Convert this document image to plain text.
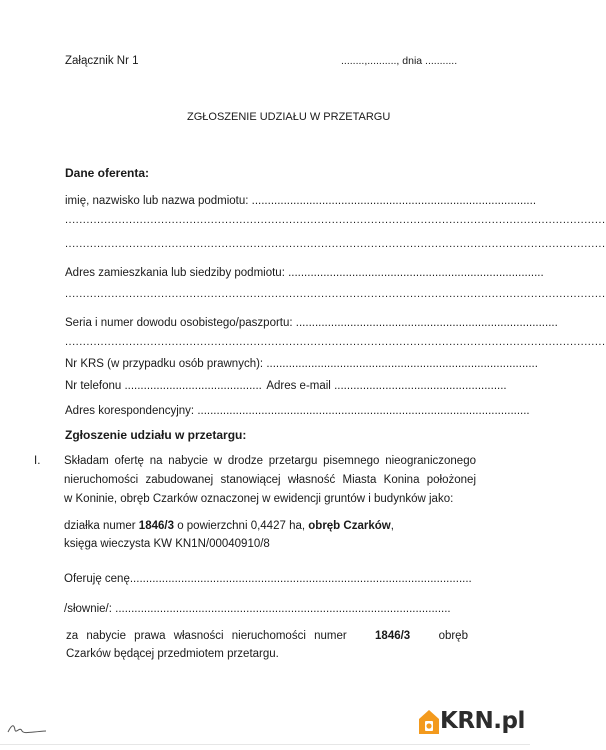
Załącznik Nr 1	........,.........., dnia ...........
ZGŁOSZENIE UDZIAŁU W PRZETARGU
Dane oferenta:
imię, nazwisko lub nazwa podmiotu: .........................................................................................
........................................................................................................................................................
........................................................................................................................................................
Adres zamieszkania lub siedziby podmiotu: ................................................................................
........................................................................................................................................................
Seria i numer dowodu osobistego/paszportu: ..................................................................................
........................................................................................................................................................
Nr KRS (w przypadku osób prawnych): .....................................................................................
Nr telefonu ........................................... Adres e-mail ......................................................
Adres korespondencyjny: ........................................................................................................
Zgłoszenie udziału w przetargu:
I. Składam ofertę na nabycie w drodze przetargu pisemnego nieograniczonego
nieruchomości zabudowanej stanowiącej własność Miasta Konina położonej
w Koninie, obręb Czarków oznaczonej w ewidencji gruntów i budynków jako:
działka numer 1846/3 o powierzchni 0,4427 ha, obręb Czarków,
księga wieczysta KW KN1N/00040910/8
Oferuję cenę...........................................................................................................
/słownie/: .........................................................................................................
za nabycie prawa własności nieruchomości numer 1846/3 obręb
Czarków będącej przedmiotem przetargu.
KRN.pl
